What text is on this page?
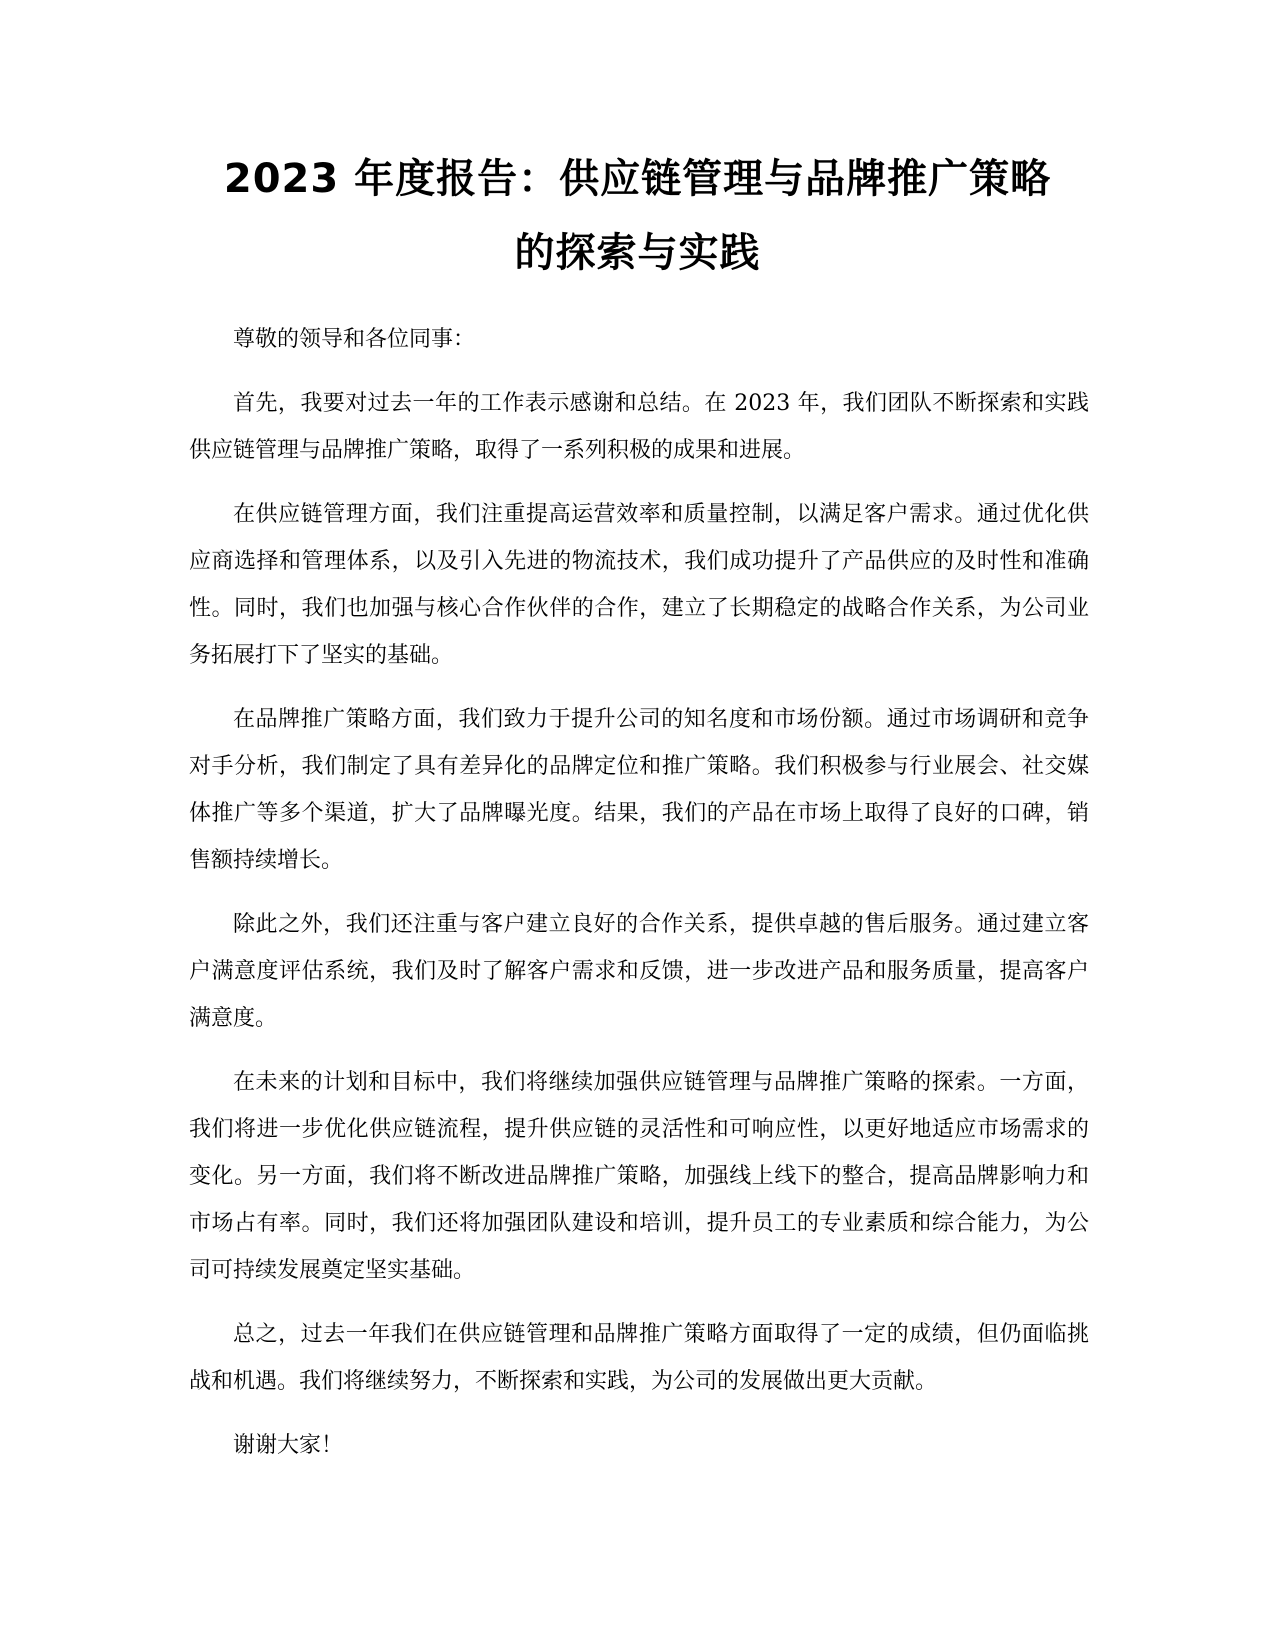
2023 年度报告：供应链管理与品牌推广策略
的探索与实践

尊敬的领导和各位同事：

首先，我要对过去一年的工作表示感谢和总结。在 2023 年，我们团队不断探索和实践供应链管理与品牌推广策略，取得了一系列积极的成果和进展。

在供应链管理方面，我们注重提高运营效率和质量控制，以满足客户需求。通过优化供应商选择和管理体系，以及引入先进的物流技术，我们成功提升了产品供应的及时性和准确性。同时，我们也加强与核心合作伙伴的合作，建立了长期稳定的战略合作关系，为公司业务拓展打下了坚实的基础。

在品牌推广策略方面，我们致力于提升公司的知名度和市场份额。通过市场调研和竞争对手分析，我们制定了具有差异化的品牌定位和推广策略。我们积极参与行业展会、社交媒体推广等多个渠道，扩大了品牌曝光度。结果，我们的产品在市场上取得了良好的口碑，销售额持续增长。

除此之外，我们还注重与客户建立良好的合作关系，提供卓越的售后服务。通过建立客户满意度评估系统，我们及时了解客户需求和反馈，进一步改进产品和服务质量，提高客户满意度。

在未来的计划和目标中，我们将继续加强供应链管理与品牌推广策略的探索。一方面，我们将进一步优化供应链流程，提升供应链的灵活性和可响应性，以更好地适应市场需求的变化。另一方面，我们将不断改进品牌推广策略，加强线上线下的整合，提高品牌影响力和市场占有率。同时，我们还将加强团队建设和培训，提升员工的专业素质和综合能力，为公司可持续发展奠定坚实基础。

总之，过去一年我们在供应链管理和品牌推广策略方面取得了一定的成绩，但仍面临挑战和机遇。我们将继续努力，不断探索和实践，为公司的发展做出更大贡献。

谢谢大家！
